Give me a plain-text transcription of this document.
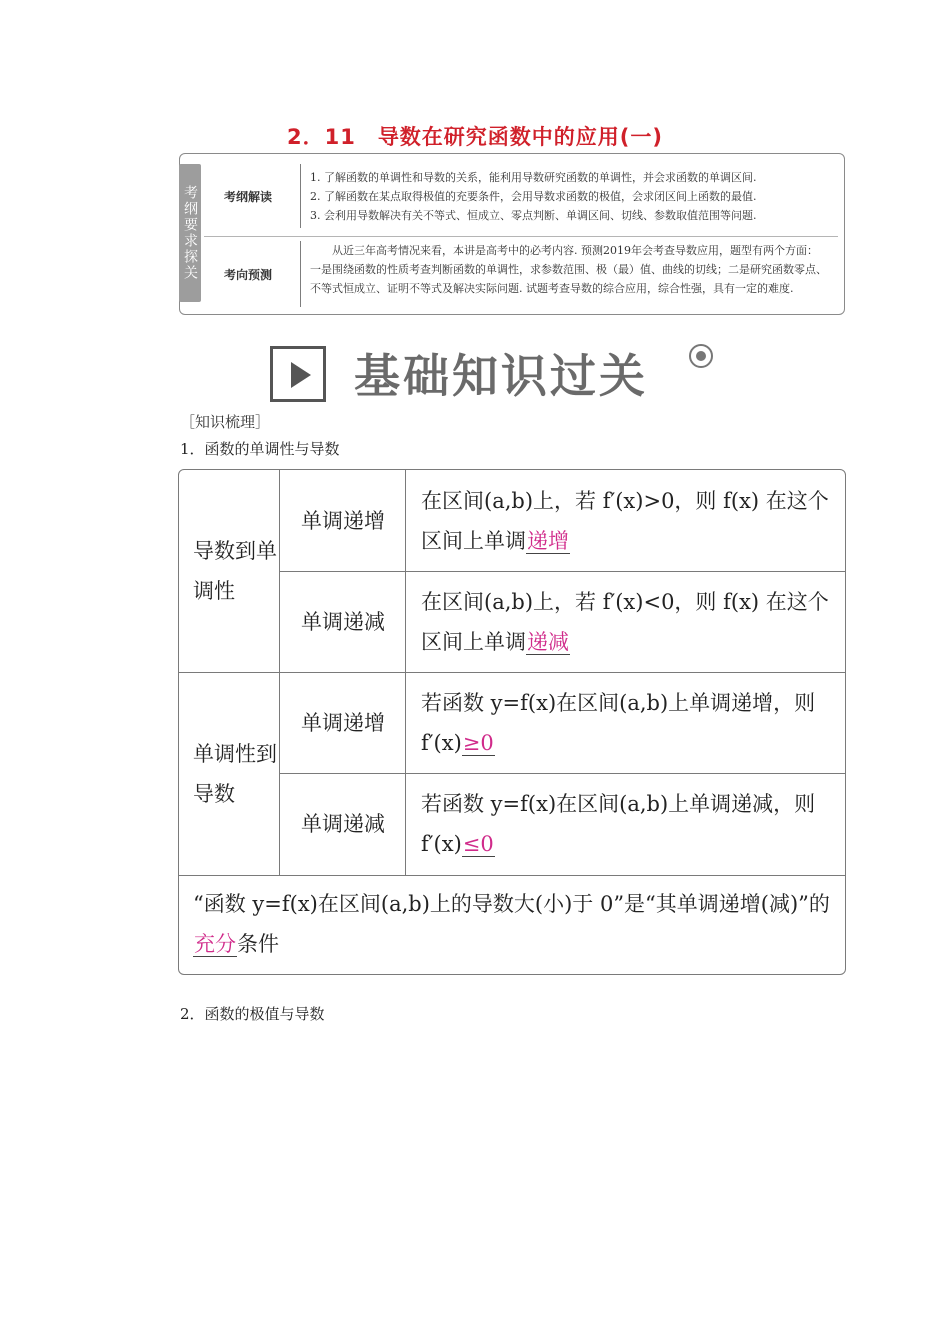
2．11 导数在研究函数中的应用(一)
考纲要求探关	考纲解读
1. 了解函数的单调性和导数的关系，能利用导数研究函数的单调性，并会求函数的单调区间.
2. 了解函数在某点取得极值的充要条件，会用导数求函数的极值，会求闭区间上函数的最值.
3. 会利用导数解决有关不等式、恒成立、零点判断、单调区间、切线、参数取值范围等问题.
考向预测
从近三年高考情况来看，本讲是高考中的必考内容. 预测2019年会考查导数应用，题型有两个方面：一是围绕函数的性质考查判断函数的单调性，求参数范围、极（最）值、曲线的切线；二是研究函数零点、不等式恒成立、证明不等式及解决实际问题. 试题考查导数的综合应用，综合性强，具有一定的难度.
基础知识过关
［知识梳理］
1．函数的单调性与导数
导数到单调性
单调性到导数
单调递增
单调递减
单调递增
单调递减
在区间(a,b)上，若 f′(x)>0，则 f(x) 在这个区间上单调递增
在区间(a,b)上，若 f′(x)<0，则 f(x) 在这个区间上单调递减
若函数 y=f(x)在区间(a,b)上单调递增，则 f′(x)≥0
若函数 y=f(x)在区间(a,b)上单调递减，则 f′(x)≤0
“函数 y=f(x)在区间(a,b)上的导数大(小)于 0”是“其单调递增(减)”的充分条件
2．函数的极值与导数
